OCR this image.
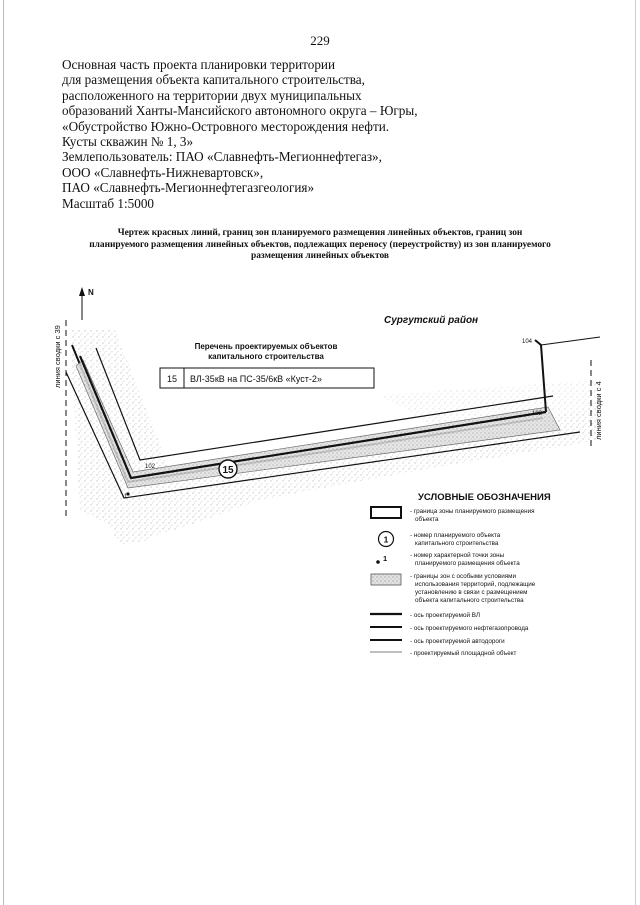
229
Основная часть проекта планировки территории
для размещения объекта капитального строительства,
расположенного на территории двух муниципальных
образований Ханты-Мансийского автономного округа – Югры,
«Обустройство Южно-Островного месторождения нефти.
Кусты скважин № 1, 3»
Землепользователь: ПАО «Славнефть-Мегионнефтегаз»,
ООО «Славнефть-Нижневартовск»,
ПАО «Славнефть-Мегионнефтегазгеология»
Масштаб 1:5000
Чертеж красных линий, границ зон планируемого размещения линейных объектов, границ зон
планируемого размещения линейных объектов, подлежащих переносу (переустройству) из зон планируемого
размещения линейных объектов
N
линия сводки с 39
линия сводки с 4
Сургутский район
1
102
103
104
15
Перечень проектируемых объектов
капитального строительства
15 ВЛ-35кВ на ПС-35/6кВ «Куст-2»
УСЛОВНЫЕ ОБОЗНАЧЕНИЯ
- граница зоны планируемого размещения
объекта
1	- номер планируемого объекта
капитального строительства
1	- номер характерной точки зоны
планируемого размещения объекта
- границы зон с особыми условиями
использования территорий, подлежащие
установлению в связи с размещением
объекта капитального строительства
- ось проектируемой ВЛ
- ось проектируемого нефтегазопровода
- ось проектируемой автодороги
- проектируемый площадной объект
